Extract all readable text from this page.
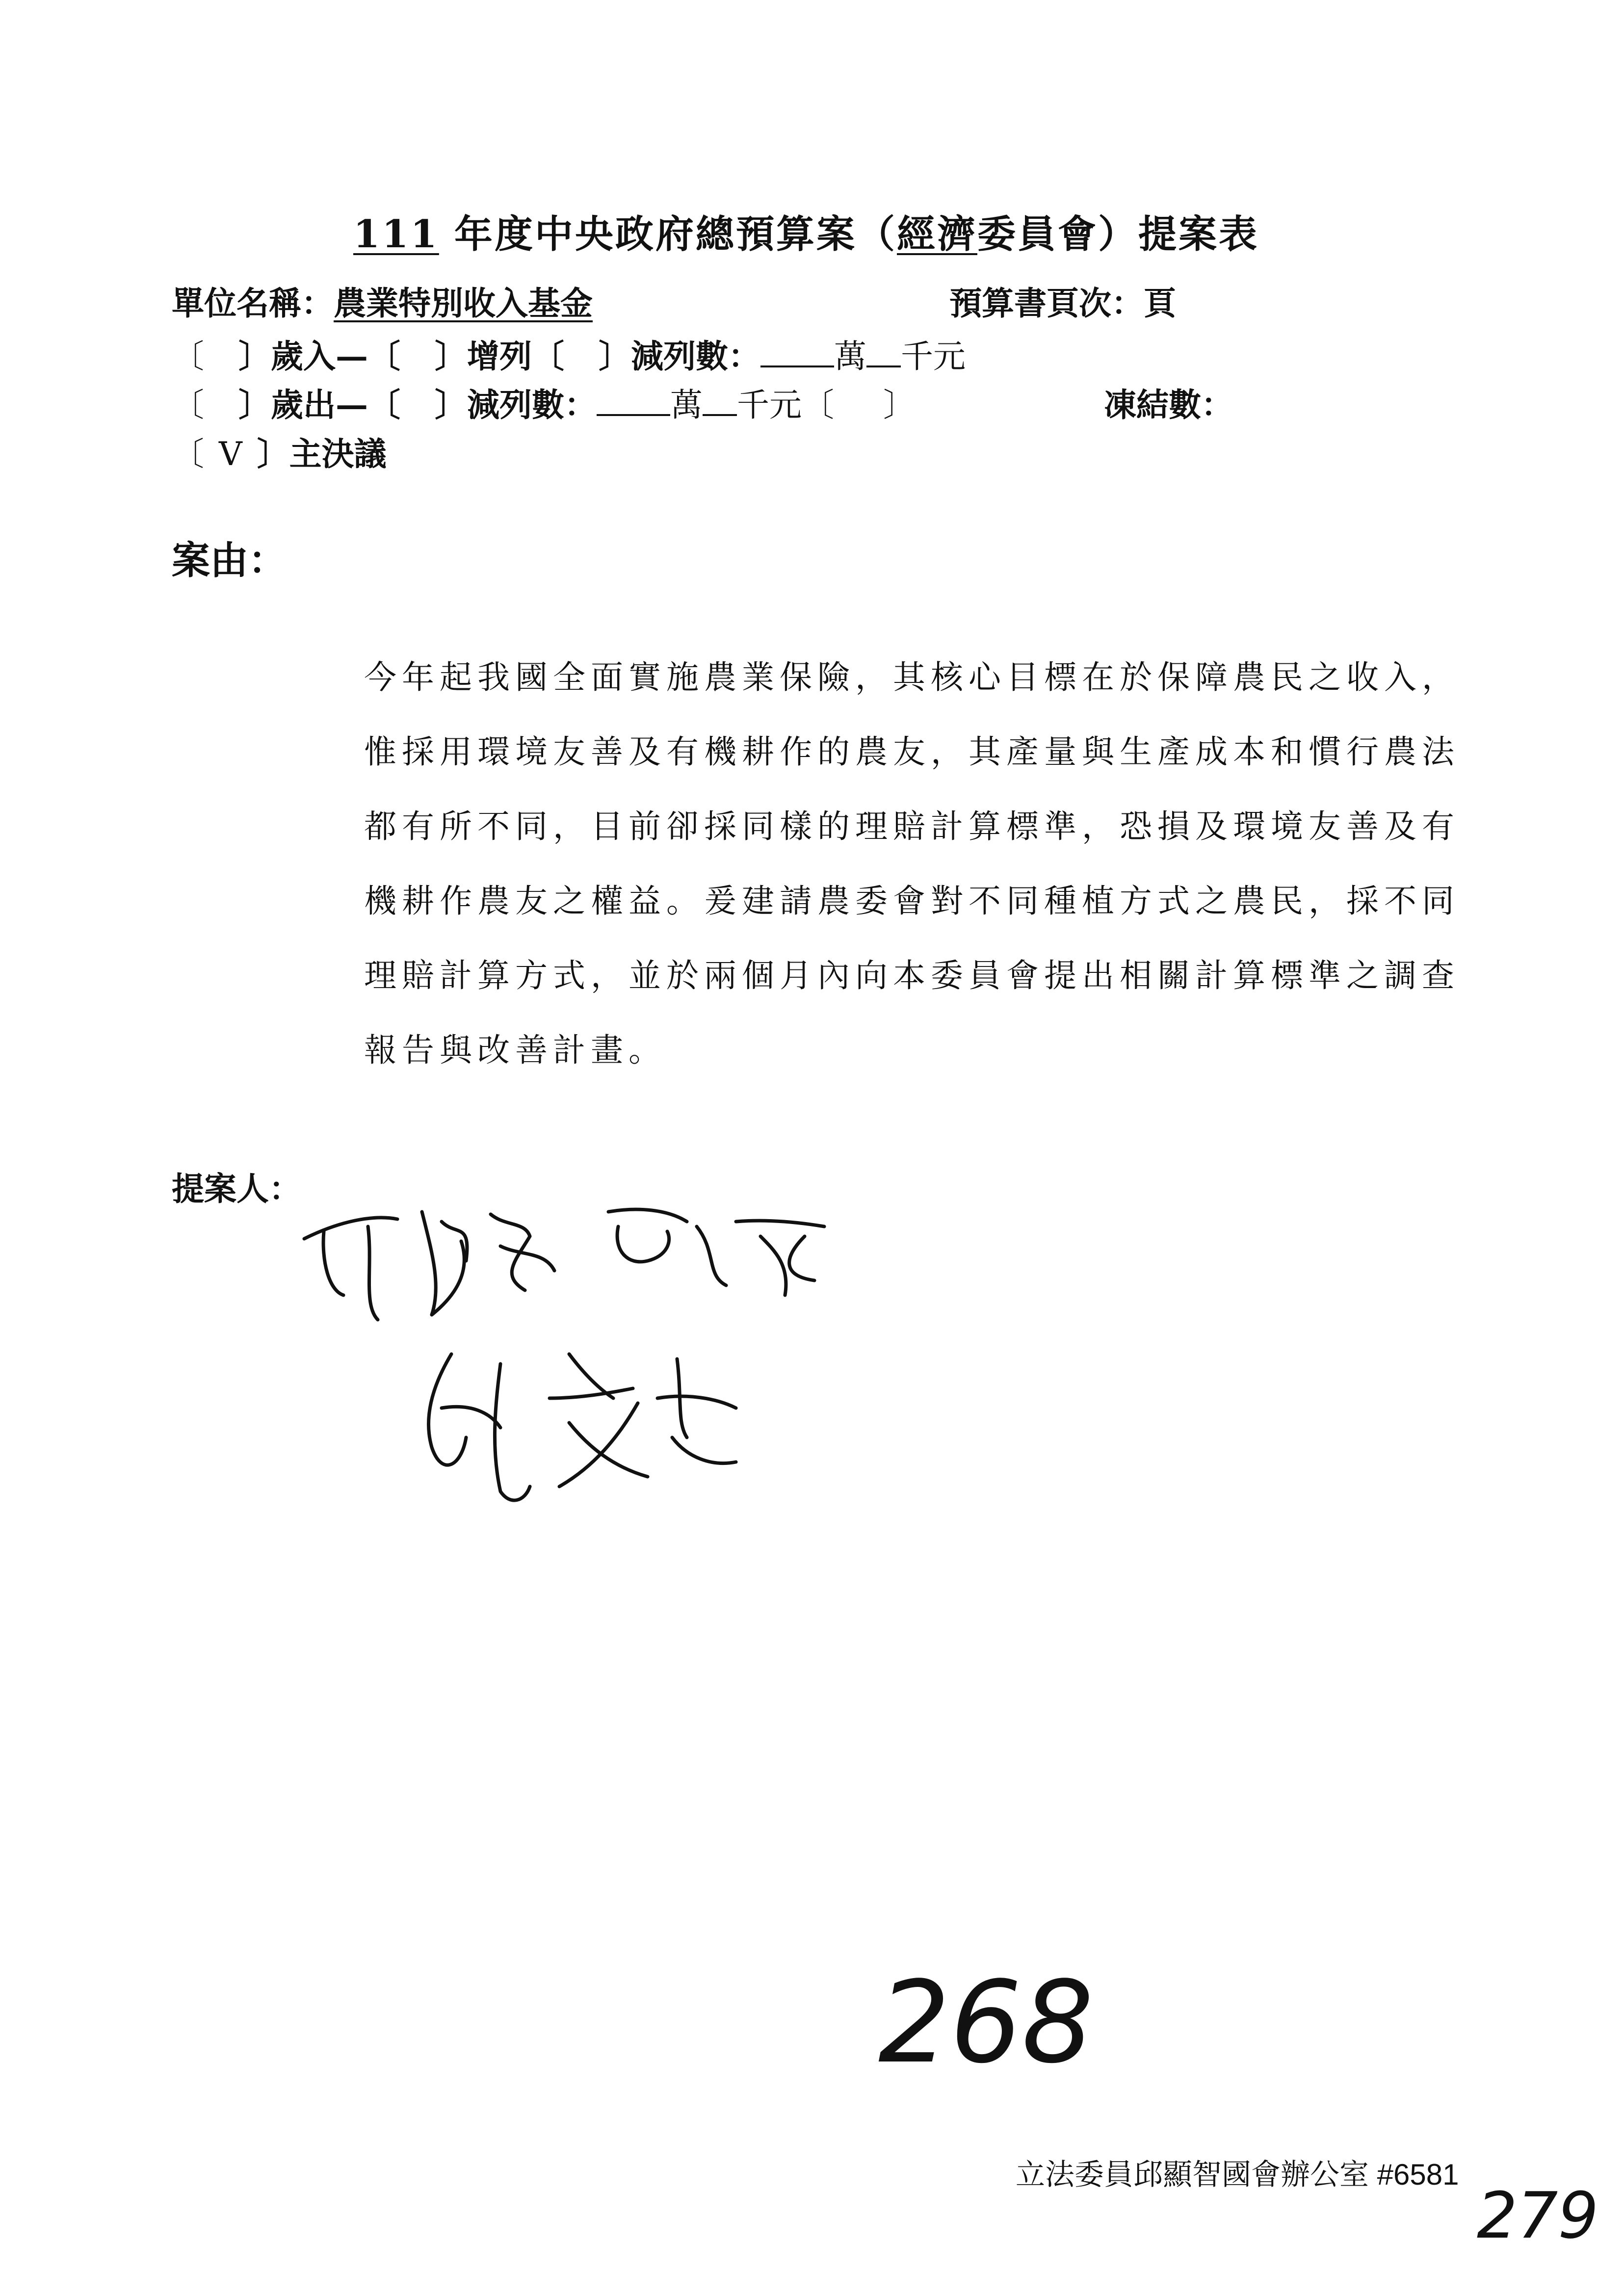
111 年度中央政府總預算案（經濟委員會）提案表
單位名稱：農業特別收入基金	預算書頁次：頁
〔 〕歲入—〔 〕增列〔 〕減列數： 萬 千元
〔 〕歲出—〔 〕減列數： 萬 千元〔 〕	凍結數：
〔 V 〕主決議
案由：

今年起我國全面實施農業保險，其核心目標在於保障農民之收入，

惟採用環境友善及有機耕作的農友，其產量與生產成本和慣行農法

都有所不同，目前卻採同樣的理賠計算標準，恐損及環境友善及有

機耕作農友之權益。爰建請農委會對不同種植方式之農民，採不同

理賠計算方式，並於兩個月內向本委員會提出相關計算標準之調查

報告與改善計畫。

提案人：
268
立法委員邱顯智國會辦公室 #6581
279
